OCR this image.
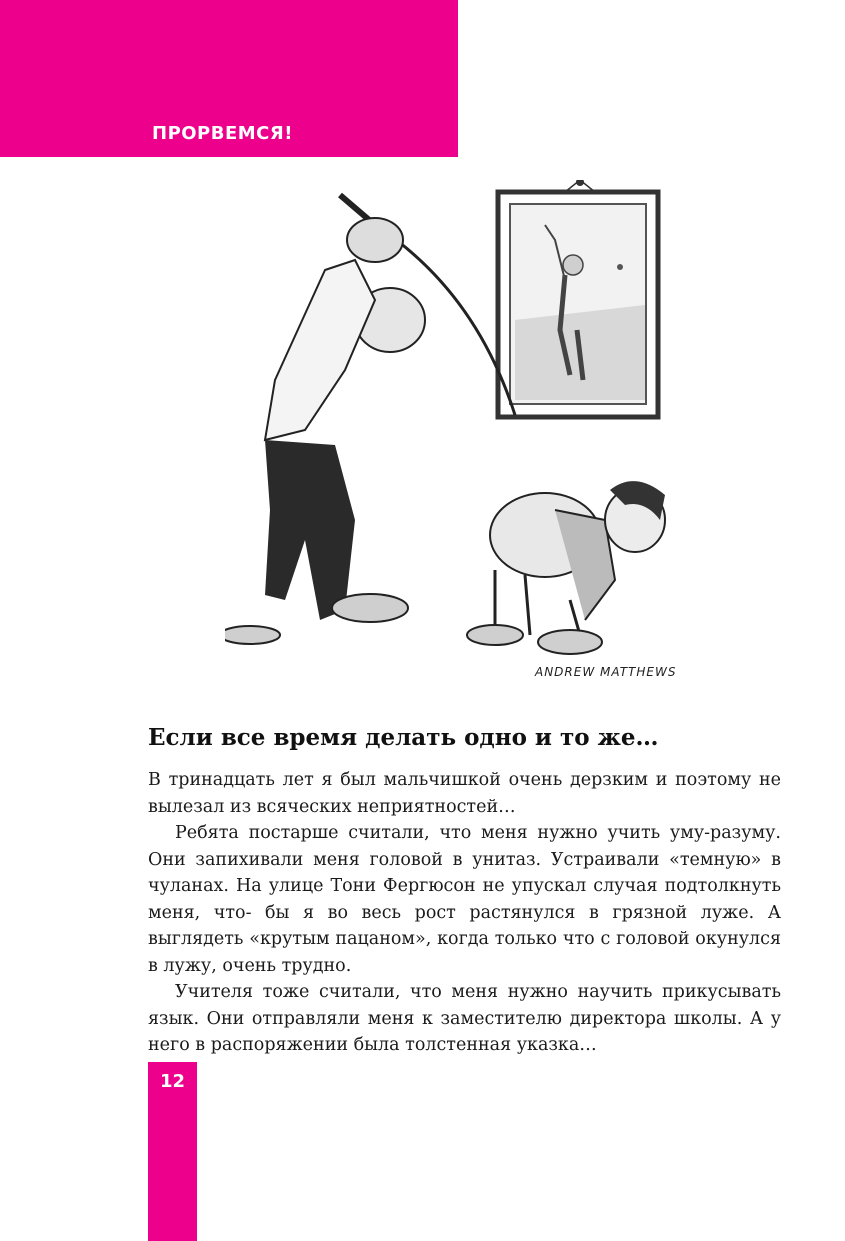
ПРОРВЕМСЯ!
ANDREW MATTHEWS
Если все время делать одно и то же…

В тринадцать лет я был мальчишкой очень дерзким и поэтому не вылезал из всяческих неприятностей…

Ребята постарше считали, что меня нужно учить уму-разуму. Они запихивали меня головой в унитаз. Устраивали «темную» в чуланах. На улице Тони Фергюсон не упускал случая подтолкнуть меня, что- бы я во весь рост растянулся в грязной луже. А выглядеть «крутым пацаном», когда только что с головой окунулся в лужу, очень трудно.

Учителя тоже считали, что меня нужно научить прикусывать язык. Они отправляли меня к заместителю директора школы. А у него в распоряжении была толстенная указка…

12
